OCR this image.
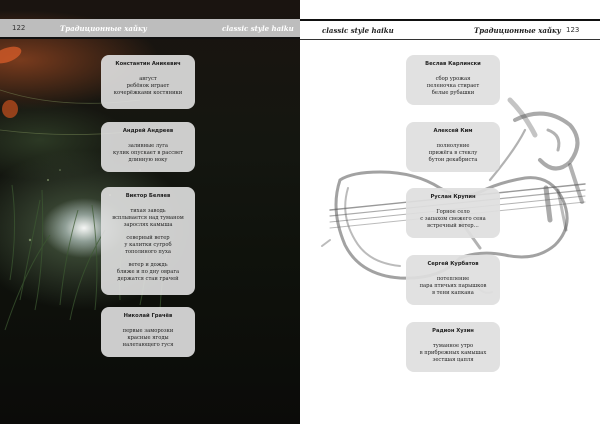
122	Традиционные хайку	classic style haiku
Константин Аникевич
август
ребёнок играет
кочерёжками костяники
Андрей Андреев
заливные луга
кулик опускает в рассвет
длинную ноку
Виктор Беляев
тихая заводь
всплывается над туманом
зарослях камыша
северный ветер
у калитки сугроб
тополиного пуха
ветер и дождь
ближе и по дну оврага
держатся стаи грачей
Николай Грачёв
первые заморозки
красные ягоды
налетающего гуся
classic style haiku	Традиционные хайку 123
Веслав Карлински
сбор урожая
пеленочка стирает
белые рубашки
Алексей Ким
полнолуние
прижёга в стеклу
бутон декабриста
Руслан Крупин
Горное село
с запахом свежего сена
встречный ветер…
Сергей Курбатов
потепление
пара птичьих парышков
в тени капкана
Радион Хузин
туманное утро
в прибрежных камышах
зестшая цапля
